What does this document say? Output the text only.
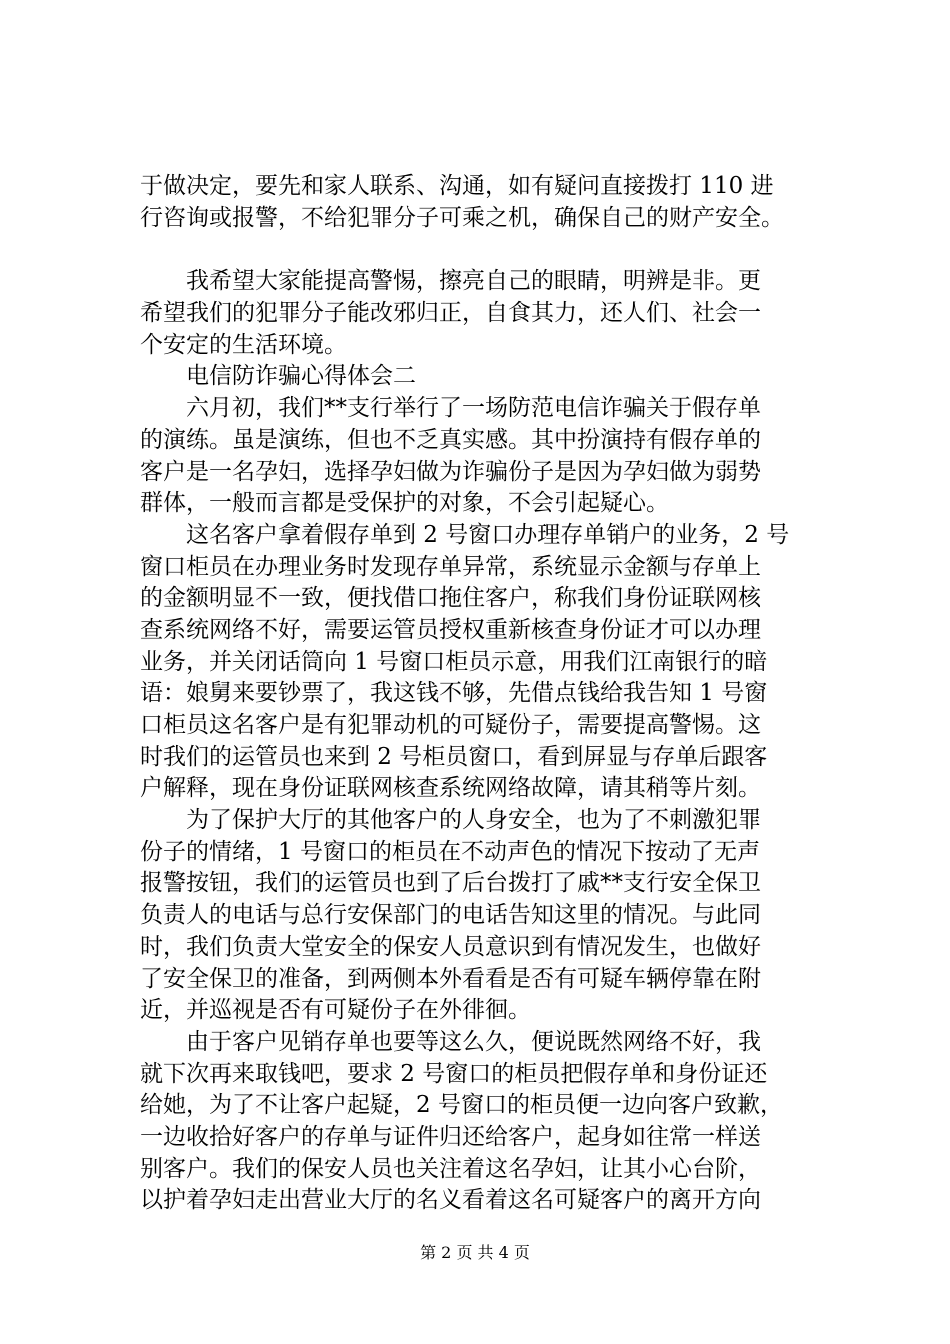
于做决定，要先和家人联系、沟通，如有疑问直接拨打 110 进
行咨询或报警，不给犯罪分子可乘之机，确保自己的财产安全。
我希望大家能提高警惕，擦亮自己的眼睛，明辨是非。更
希望我们的犯罪分子能改邪归正，自食其力，还人们、社会一
个安定的生活环境。
电信防诈骗心得体会二
六月初，我们**支行举行了一场防范电信诈骗关于假存单
的演练。虽是演练，但也不乏真实感。其中扮演持有假存单的
客户是一名孕妇，选择孕妇做为诈骗份子是因为孕妇做为弱势
群体，一般而言都是受保护的对象，不会引起疑心。
这名客户拿着假存单到 2 号窗口办理存单销户的业务，2 号
窗口柜员在办理业务时发现存单异常，系统显示金额与存单上
的金额明显不一致，便找借口拖住客户，称我们身份证联网核
查系统网络不好，需要运管员授权重新核查身份证才可以办理
业务，并关闭话筒向 1 号窗口柜员示意，用我们江南银行的暗
语：娘舅来要钞票了，我这钱不够，先借点钱给我告知 1 号窗
口柜员这名客户是有犯罪动机的可疑份子，需要提高警惕。这
时我们的运管员也来到 2 号柜员窗口，看到屏显与存单后跟客
户解释，现在身份证联网核查系统网络故障，请其稍等片刻。
为了保护大厅的其他客户的人身安全，也为了不刺激犯罪
份子的情绪，1 号窗口的柜员在不动声色的情况下按动了无声
报警按钮，我们的运管员也到了后台拨打了戚**支行安全保卫
负责人的电话与总行安保部门的电话告知这里的情况。与此同
时，我们负责大堂安全的保安人员意识到有情况发生，也做好
了安全保卫的准备，到两侧本外看看是否有可疑车辆停靠在附
近，并巡视是否有可疑份子在外徘徊。
由于客户见销存单也要等这么久，便说既然网络不好，我
就下次再来取钱吧，要求 2 号窗口的柜员把假存单和身份证还
给她，为了不让客户起疑，2 号窗口的柜员便一边向客户致歉，
一边收拾好客户的存单与证件归还给客户，起身如往常一样送
别客户。我们的保安人员也关注着这名孕妇，让其小心台阶，
以护着孕妇走出营业大厅的名义看着这名可疑客户的离开方向
第 2 页 共 4 页
